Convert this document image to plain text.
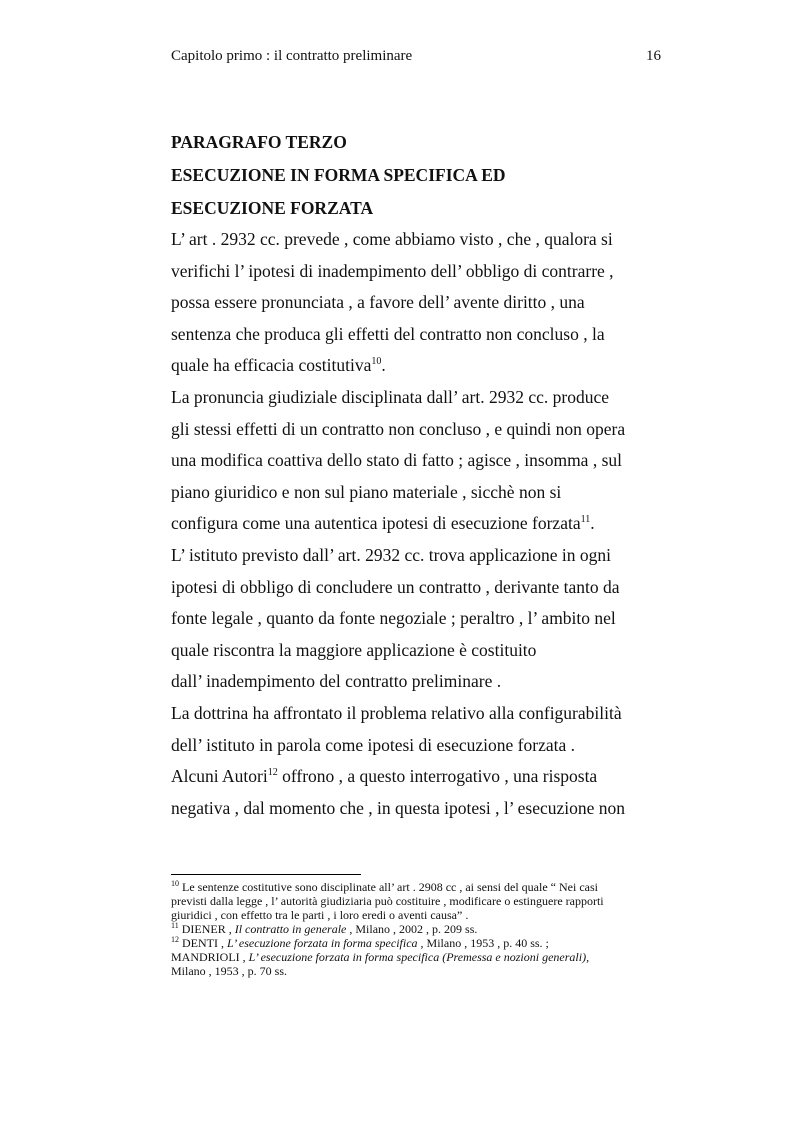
Capitolo primo : il contratto preliminare	16
PARAGRAFO TERZO
ESECUZIONE IN FORMA SPECIFICA ED
ESECUZIONE FORZATA

L’ art . 2932 cc. prevede , come abbiamo visto , che , qualora si

verifichi l’ ipotesi di inadempimento dell’ obbligo di contrarre ,

possa essere pronunciata , a favore dell’ avente diritto , una

sentenza che produca gli effetti del contratto non concluso , la

quale ha efficacia costitutiva$^{10}$.

La pronuncia giudiziale disciplinata dall’ art. 2932 cc. produce

gli stessi effetti di un contratto non concluso , e quindi non opera

una modifica coattiva dello stato di fatto ; agisce , insomma , sul

piano giuridico e non sul piano materiale , sicchè non si

configura come una autentica ipotesi di esecuzione forzata$^{11}$.

L’ istituto previsto dall’ art. 2932 cc. trova applicazione in ogni

ipotesi di obbligo di concludere un contratto , derivante tanto da

fonte legale , quanto da fonte negoziale ; peraltro , l’ ambito nel

quale riscontra la maggiore applicazione è costituito

dall’ inadempimento del contratto preliminare .

La dottrina ha affrontato il problema relativo alla configurabilità

dell’ istituto in parola come ipotesi di esecuzione forzata .

Alcuni Autori$^{12}$ offrono , a questo interrogativo , una risposta

negativa , dal momento che , in questa ipotesi , l’ esecuzione non

$^{10}$ Le sentenze costitutive sono disciplinate all’ art . 2908 cc , ai sensi del quale “ Nei casi

previsti dalla legge , l’ autorità giudiziaria può costituire , modificare o estinguere rapporti

giuridici , con effetto tra le parti , i loro eredi o aventi causa” .

$^{11}$ DIENER , Il contratto in generale , Milano , 2002 , p. 209 ss.

$^{12}$ DENTI , L’ esecuzione forzata in forma specifica , Milano , 1953 , p. 40 ss. ;

MANDRIOLI , L’ esecuzione forzata in forma specifica (Premessa e nozioni generali),

Milano , 1953 , p. 70 ss.
